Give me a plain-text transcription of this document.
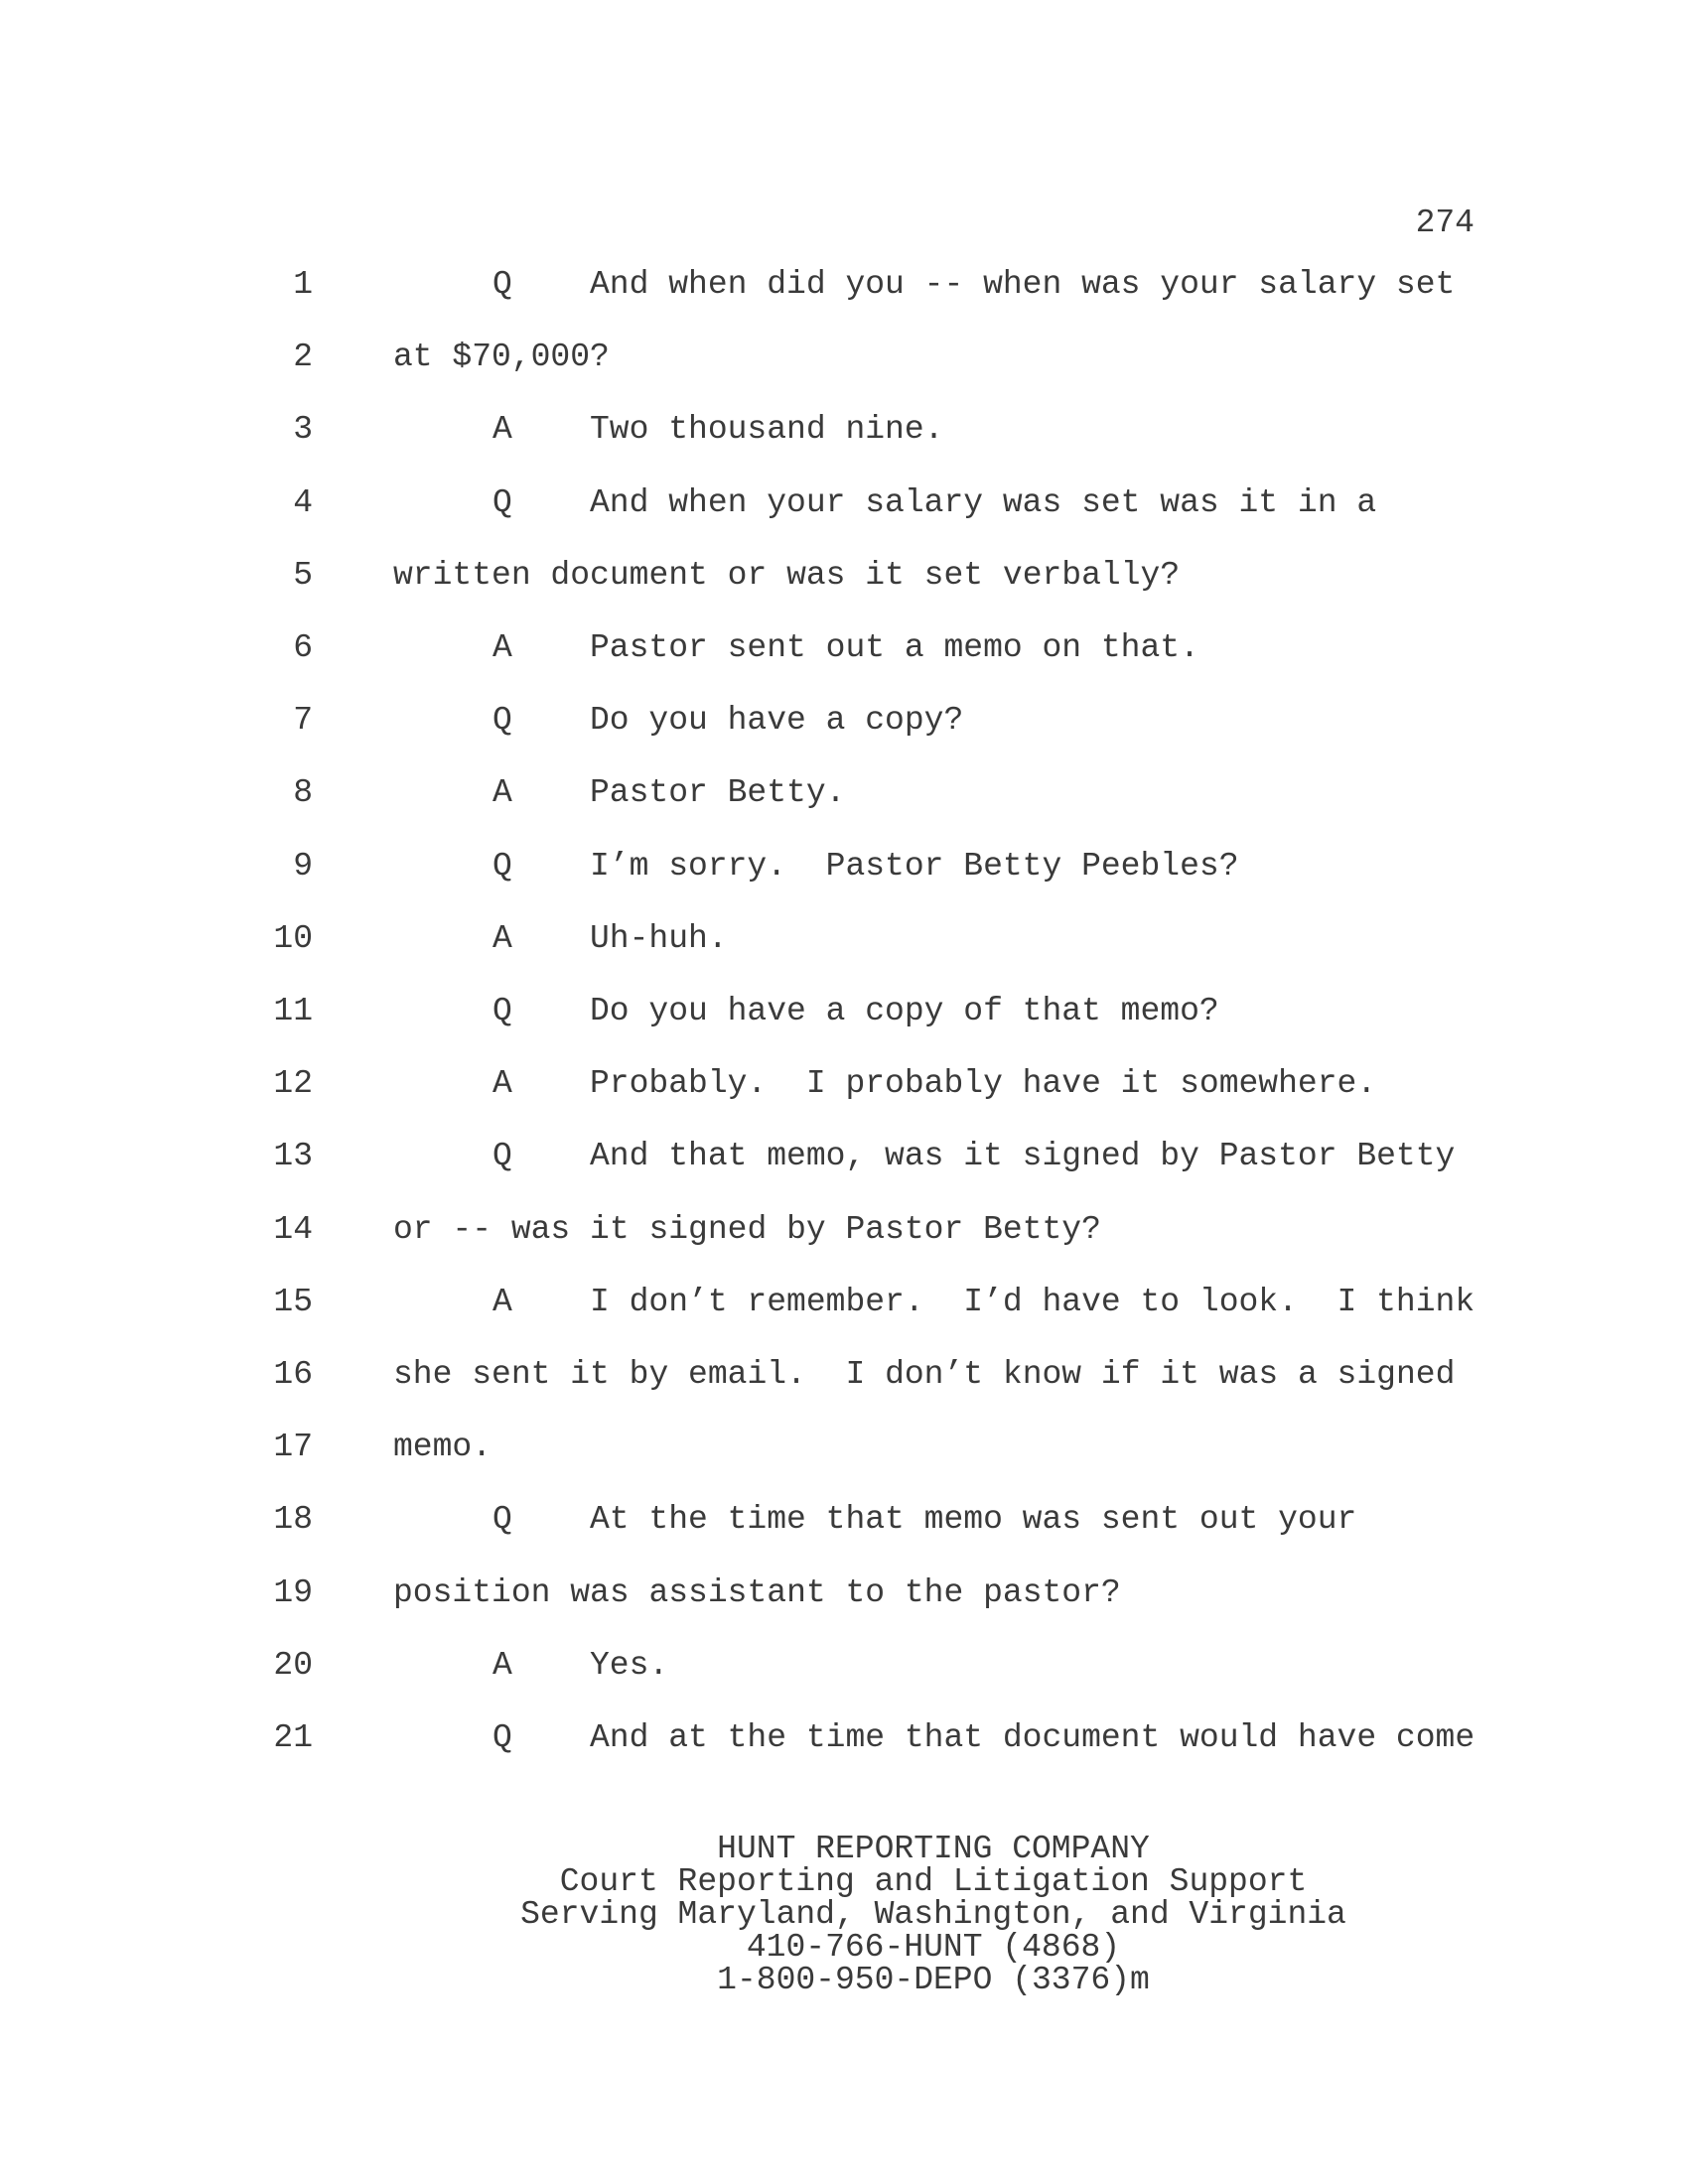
274
1	Q And when did you -- when was your salary set
2 at $70,000?
3	A Two thousand nine.
4	Q And when your salary was set was it in a
5 written document or was it set verbally?
6	A Pastor sent out a memo on that.
7	Q Do you have a copy?
8	A Pastor Betty.
9	Q I’m sorry.  Pastor Betty Peebles?
10	A Uh-huh.
11	Q Do you have a copy of that memo?
12	A Probably.  I probably have it somewhere.
13	Q And that memo, was it signed by Pastor Betty
14 or -- was it signed by Pastor Betty?
15	A I don’t remember.  I’d have to look.  I think
16 she sent it by email.  I don’t know if it was a signed
17 memo.
18	Q At the time that memo was sent out your
19 position was assistant to the pastor?
20	A Yes.
21	Q And at the time that document would have come
HUNT REPORTING COMPANY
Court Reporting and Litigation Support
Serving Maryland, Washington, and Virginia
410-766-HUNT (4868)
1-800-950-DEPO (3376)m
